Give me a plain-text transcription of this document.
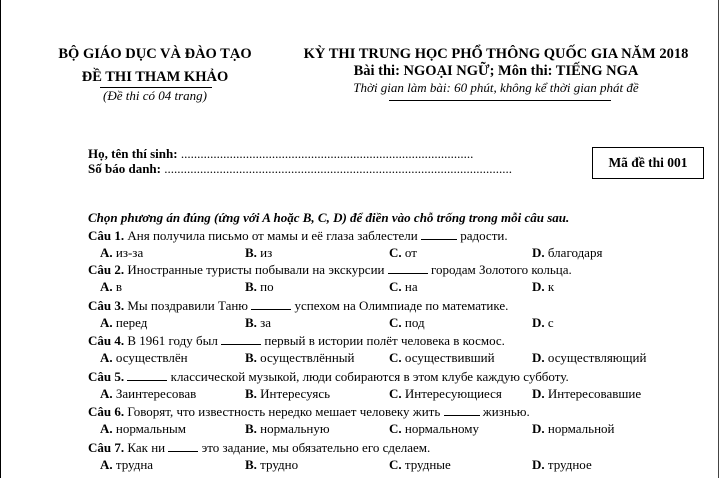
BỘ GIÁO DỤC VÀ ĐÀO TẠO
ĐỀ THI THAM KHẢO
(Đề thi có 04 trang)
KỲ THI TRUNG HỌC PHỔ THÔNG QUỐC GIA NĂM 2018
Bài thi: NGOẠI NGỮ; Môn thi: TIẾNG NGA
Thời gian làm bài: 60 phút, không kể thời gian phát đề
Họ, tên thí sinh: ..........................................................................................
Số báo danh: ...........................................................................................................	Mã đề thi 001
Chọn phương án đúng (ứng với A hoặc B, C, D) để điền vào chỗ trống trong mỗi câu sau.
Câu 1. Аня получила письмо от мамы и её глаза заблестели	радости.
A. из-за	B. из	C. от	D. благодаря
Câu 2. Иностранные туристы побывали на экскурсии	городам Золотого кольца.
A. в	B. по	C. на	D. к
Câu 3. Мы поздравили Таню	успехом на Олимпиаде по математике.
A. перед	B. за	C. под	D. с
Câu 4. В 1961 году был	первый в истории полёт человека в космос.
A. осуществлён	B. осуществлённый	C. осуществивший	D. осуществляющий
Câu 5.	классической музыкой, люди собираются в этом клубе каждую субботу.
A. Заинтересовав	B. Интересуясь	C. Интересующиеся D. Интересовавшие
Câu 6. Говорят, что известность нередко мешает человеку жить	жизнью.
A. нормальным	B. нормальную	C. нормальному	D. нормальной
Câu 7. Как ни	это задание, мы обязательно его сделаем.
A. трудна	B. трудно	C. трудные	D. трудное
